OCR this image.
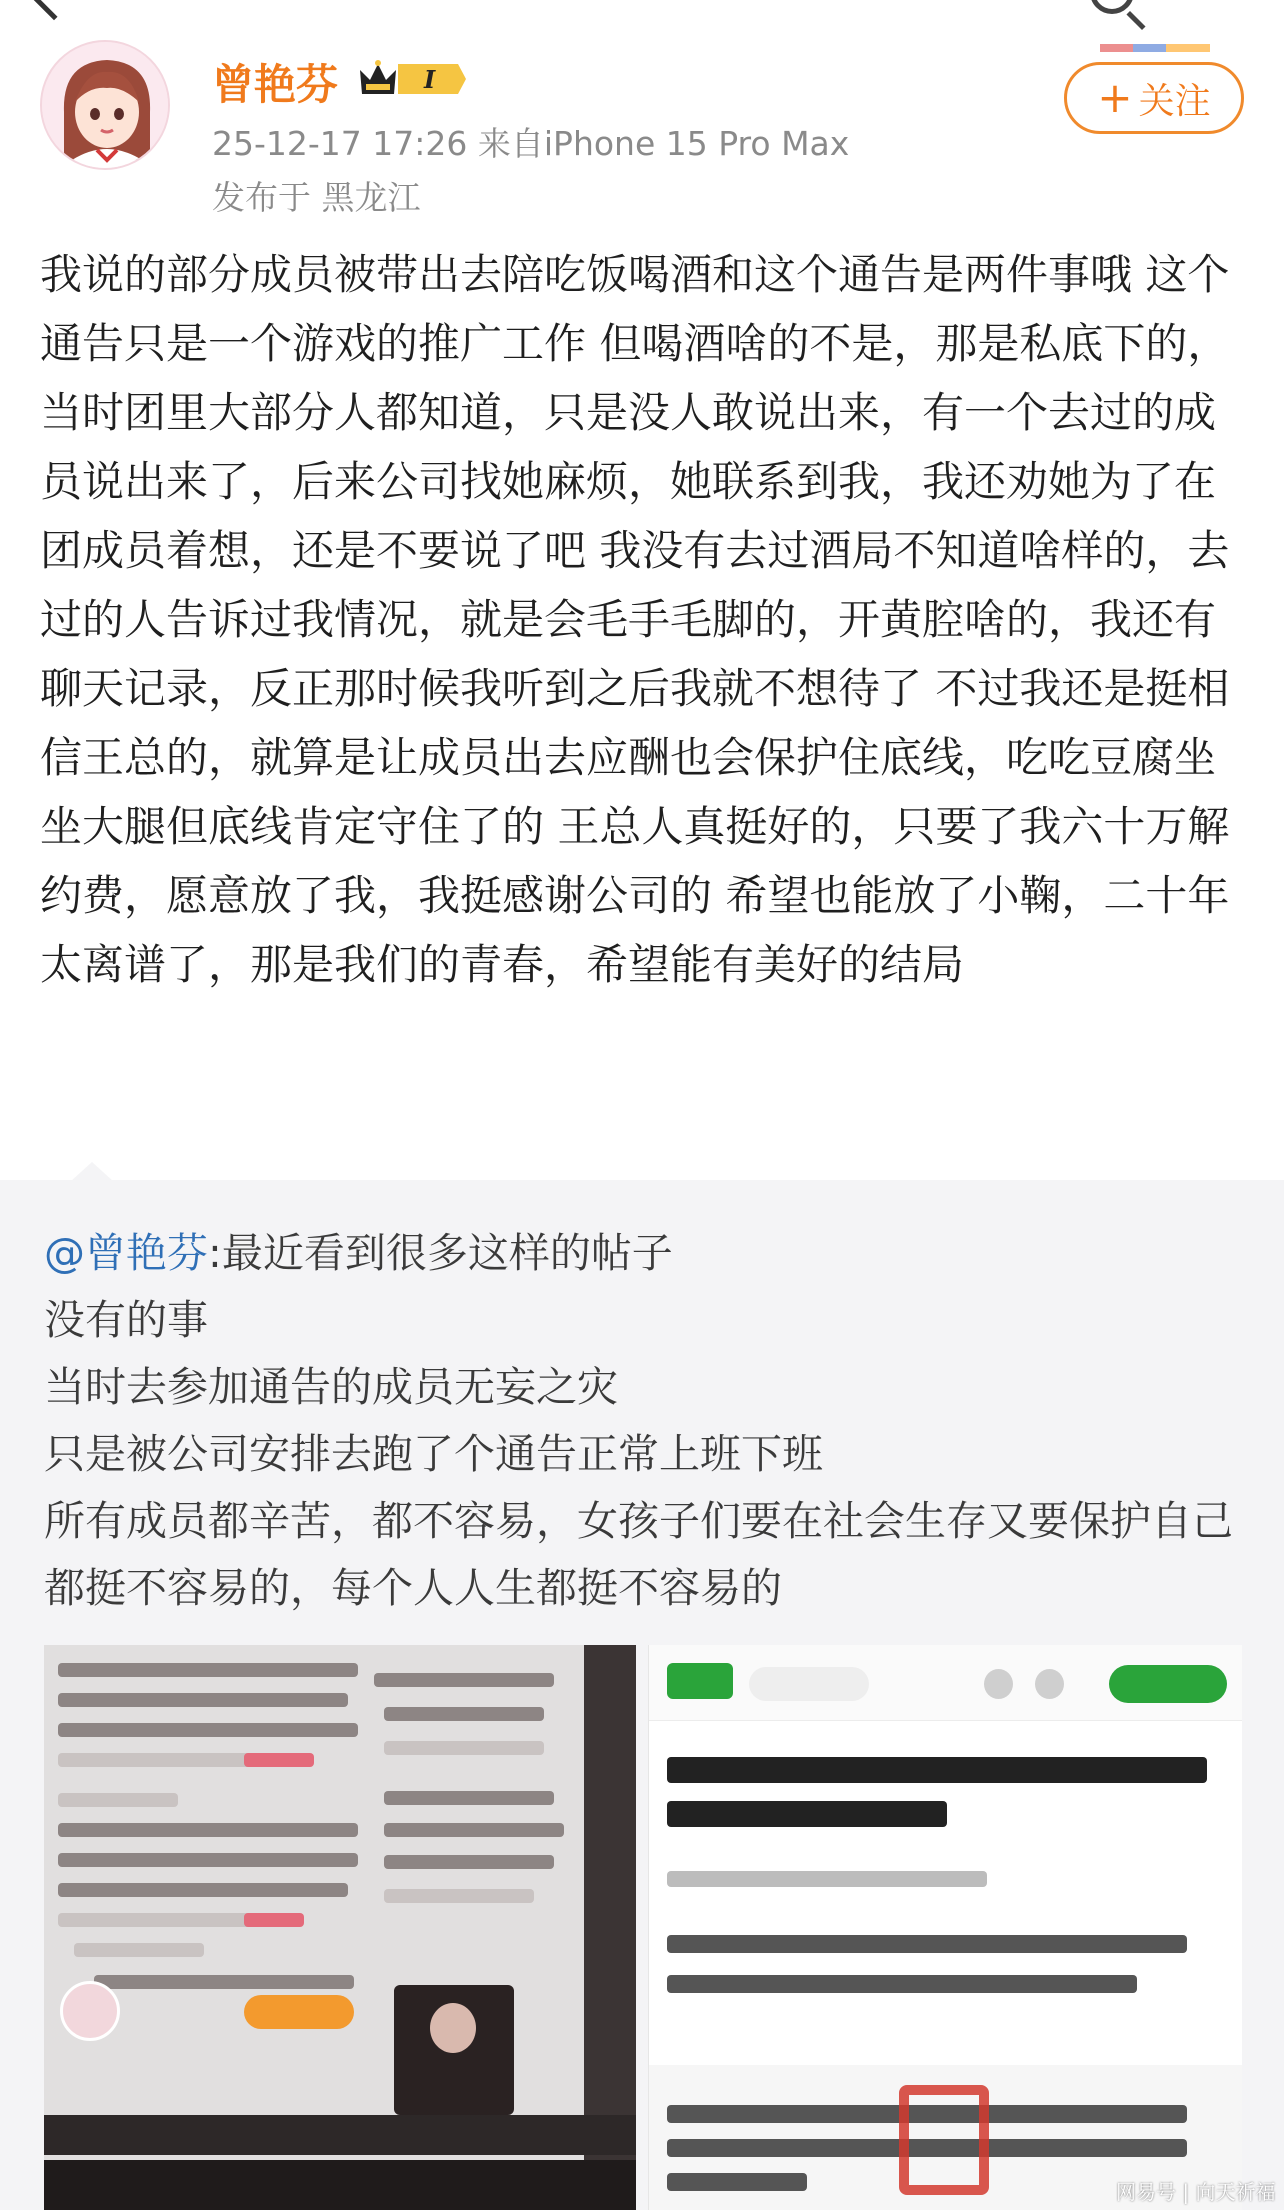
曾艳芬	I
25-12-17 17:26 来自iPhone 15 Pro Max
发布于 黑龙江
+ 关注
我说的部分成员被带出去陪吃饭喝酒和这个通告是两件事哦 这个通告只是一个游戏的推广工作 但喝酒啥的不是，那是私底下的，当时团里大部分人都知道，只是没人敢说出来，有一个去过的成员说出来了，后来公司找她麻烦，她联系到我，我还劝她为了在团成员着想，还是不要说了吧 我没有去过酒局不知道啥样的，去过的人告诉过我情况，就是会毛手毛脚的，开黄腔啥的，我还有聊天记录，反正那时候我听到之后我就不想待了 不过我还是挺相信王总的，就算是让成员出去应酬也会保护住底线，吃吃豆腐坐坐大腿但底线肯定守住了的 王总人真挺好的，只要了我六十万解约费，愿意放了我，我挺感谢公司的 希望也能放了小鞠，二十年太离谱了，那是我们的青春，希望能有美好的结局
@曾艳芬:最近看到很多这样的帖子
没有的事
当时去参加通告的成员无妄之灾
只是被公司安排去跑了个通告正常上班下班
所有成员都辛苦，都不容易，女孩子们要在社会生存又要保护自己都挺不容易的，每个人人生都挺不容易的
网易号 | 向天祈福
